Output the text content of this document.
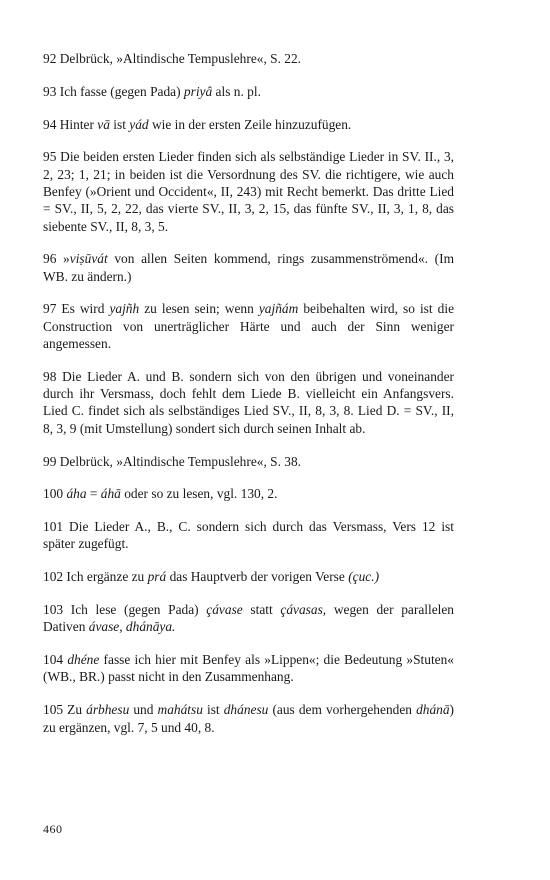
92 Delbrück, »Altindische Tempuslehre«, S. 22.

93 Ich fasse (gegen Pada) priyâ als n. pl.

94 Hinter vā ist yád wie in der ersten Zeile hinzuzufügen.

95 Die beiden ersten Lieder finden sich als selbständige Lieder in SV. II., 3, 2, 23; 1, 21; in beiden ist die Versordnung des SV. die richtigere, wie auch Benfey (»Orient und Occident«, II, 243) mit Recht bemerkt. Das dritte Lied = SV., II, 5, 2, 22, das vierte SV., II, 3, 2, 15, das fünfte SV., II, 3, 1, 8, das siebente SV., II, 8, 3, 5.

96 »viṣūvát von allen Seiten kommend, rings zusammenströmend«. (Im WB. zu ändern.)

97 Es wird yajñh zu lesen sein; wenn yajñám beibehalten wird, so ist die Construction von unerträglicher Härte und auch der Sinn weniger angemessen.

98 Die Lieder A. und B. sondern sich von den übrigen und voneinander durch ihr Versmass, doch fehlt dem Liede B. vielleicht ein Anfangsvers. Lied C. findet sich als selbständiges Lied SV., II, 8, 3, 8. Lied D. = SV., II, 8, 3, 9 (mit Umstellung) sondert sich durch seinen Inhalt ab.

99 Delbrück, »Altindische Tempuslehre«, S. 38.

100 áha = áhā oder so zu lesen, vgl. 130, 2.

101 Die Lieder A., B., C. sondern sich durch das Versmass, Vers 12 ist später zugefügt.

102 Ich ergänze zu prá das Hauptverb der vorigen Verse (çuc.)

103 Ich lese (gegen Pada) çávase statt çávasas, wegen der parallelen Dativen ávase, dhánāya.

104 dhéne fasse ich hier mit Benfey als »Lippen«; die Bedeutung »Stuten« (WB., BR.) passt nicht in den Zusammenhang.

105 Zu árbhesu und mahátsu ist dhánesu (aus dem vorhergehenden dhánā) zu ergänzen, vgl. 7, 5 und 40, 8.

460
